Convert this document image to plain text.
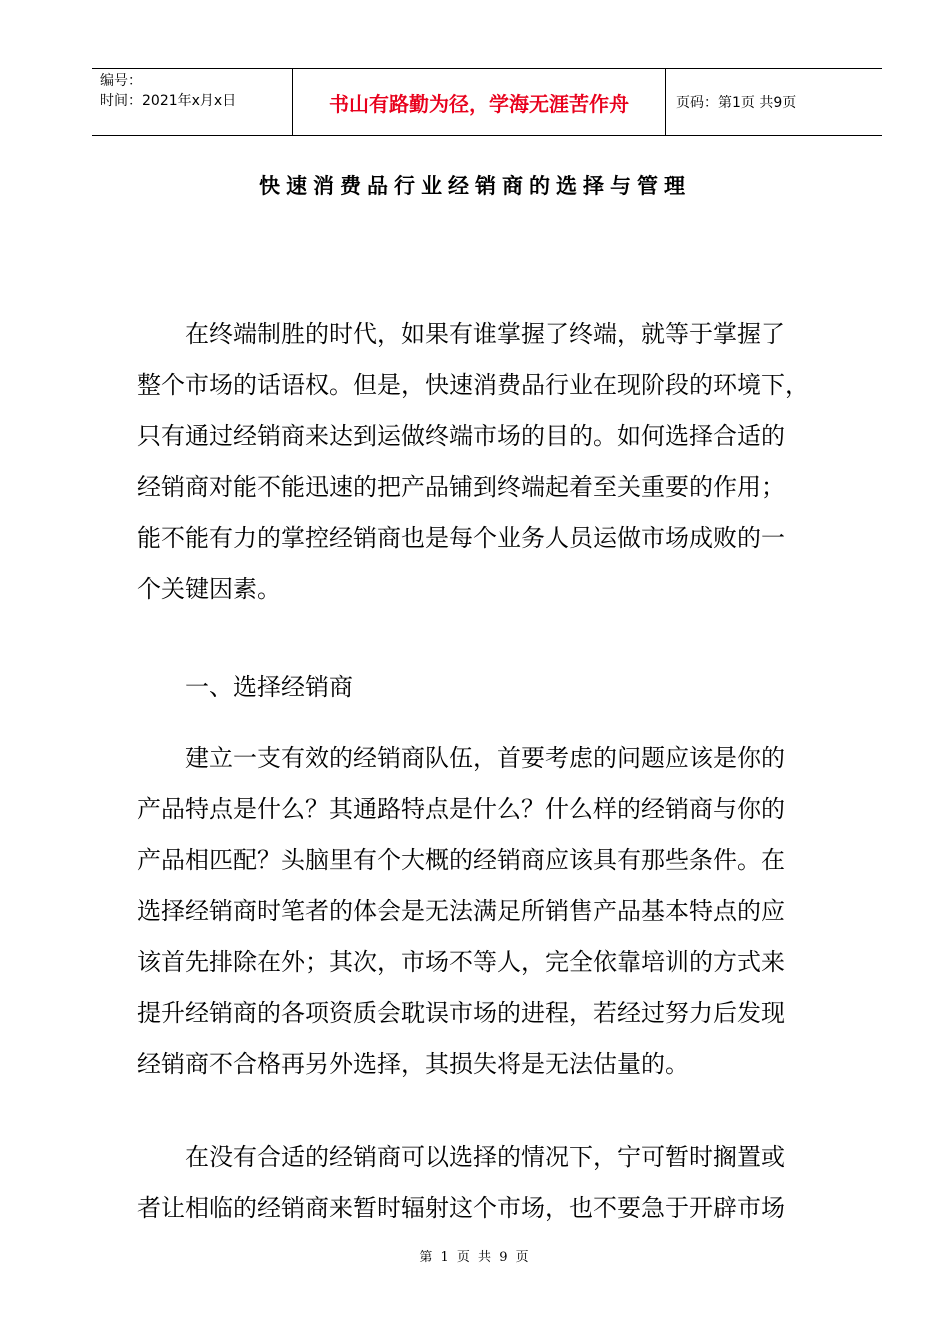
编号：
时间：2021年x月x日	书山有路勤为径，学海无涯苦作舟	页码：第1页 共9页
快速消费品行业经销商的选择与管理
在终端制胜的时代，如果有谁掌握了终端，就等于掌握了
整个市场的话语权。但是，快速消费品行业在现阶段的环境下，
只有通过经销商来达到运做终端市场的目的。如何选择合适的
经销商对能不能迅速的把产品铺到终端起着至关重要的作用；
能不能有力的掌控经销商也是每个业务人员运做市场成败的一
个关键因素。
一、选择经销商
建立一支有效的经销商队伍，首要考虑的问题应该是你的
产品特点是什么？其通路特点是什么？什么样的经销商与你的
产品相匹配？头脑里有个大概的经销商应该具有那些条件。在
选择经销商时笔者的体会是无法满足所销售产品基本特点的应
该首先排除在外；其次，市场不等人，完全依靠培训的方式来
提升经销商的各项资质会耽误市场的进程，若经过努力后发现
经销商不合格再另外选择，其损失将是无法估量的。
在没有合适的经销商可以选择的情况下，宁可暂时搁置或
者让相临的经销商来暂时辐射这个市场，也不要急于开辟市场
第 1 页 共 9 页
